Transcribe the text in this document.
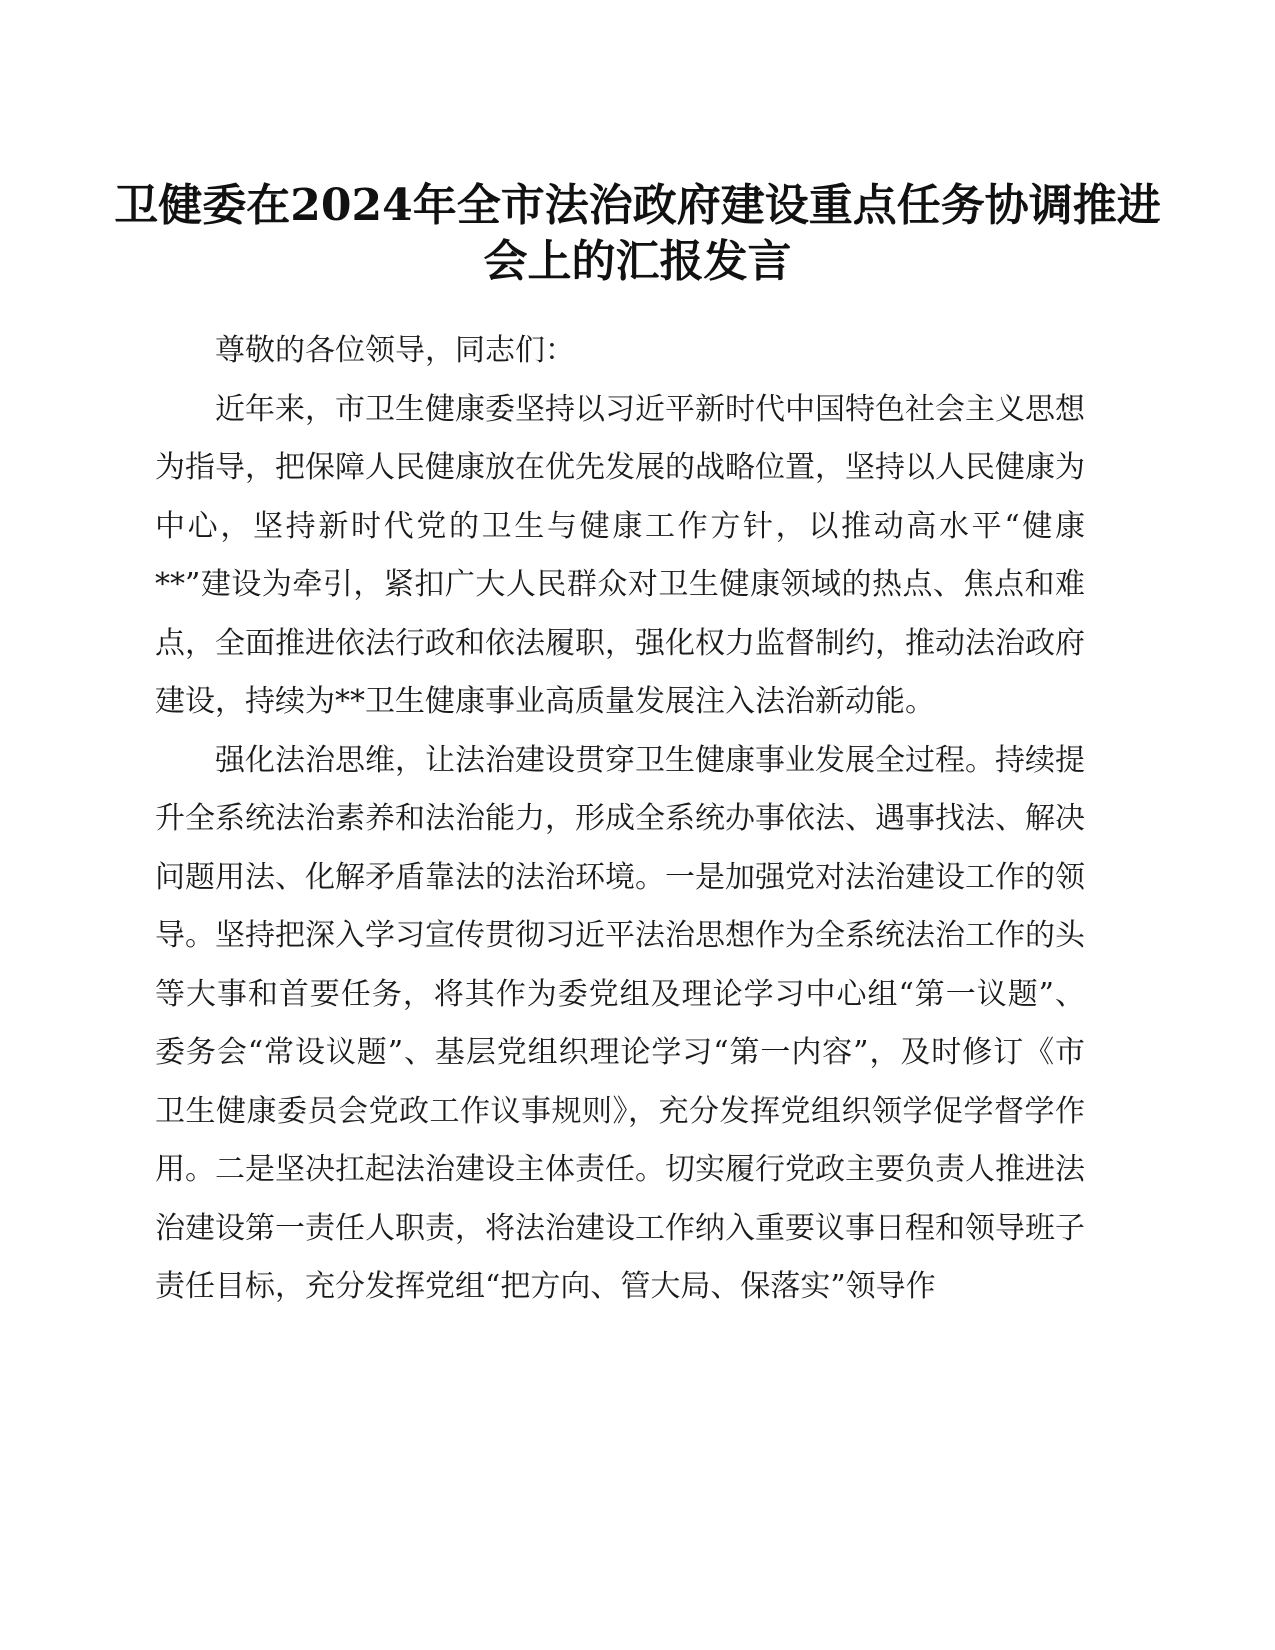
卫健委在2024年全市法治政府建设重点任务协调推进会上的汇报发言

尊敬的各位领导，同志们：

近年来，市卫生健康委坚持以习近平新时代中国特色社会主义思想为指导，把保障人民健康放在优先发展的战略位置，坚持以人民健康为中心，坚持新时代党的卫生与健康工作方针，以推动高水平“健康**”建设为牵引，紧扣广大人民群众对卫生健康领域的热点、焦点和难点，全面推进依法行政和依法履职，强化权力监督制约，推动法治政府建设，持续为**卫生健康事业高质量发展注入法治新动能。

强化法治思维，让法治建设贯穿卫生健康事业发展全过程。持续提升全系统法治素养和法治能力，形成全系统办事依法、遇事找法、解决问题用法、化解矛盾靠法的法治环境。一是加强党对法治建设工作的领导。坚持把深入学习宣传贯彻习近平法治思想作为全系统法治工作的头等大事和首要任务，将其作为委党组及理论学习中心组“第一议题”、委务会“常设议题”、基层党组织理论学习“第一内容”，及时修订《市卫生健康委员会党政工作议事规则》，充分发挥党组织领学促学督学作用。二是坚决扛起法治建设主体责任。切实履行党政主要负责人推进法治建设第一责任人职责，将法治建设工作纳入重要议事日程和领导班子责任目标，充分发挥党组“把方向、管大局、保落实”领导作
